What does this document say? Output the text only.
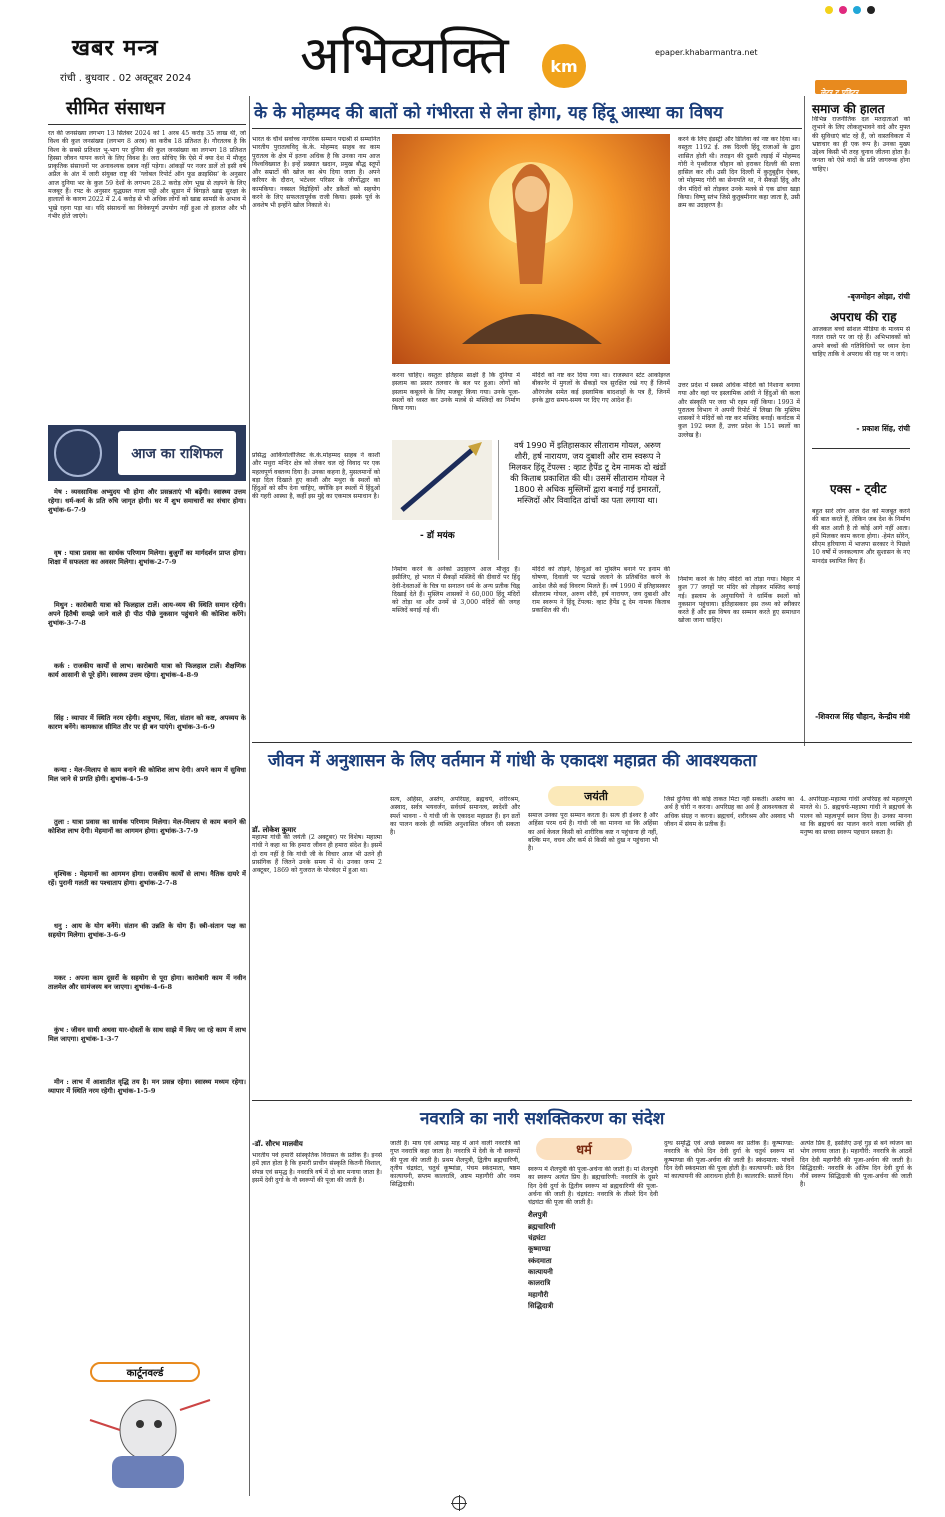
खबर मन्त्र
रांची . बुधवार . 02 अक्टूबर 2024 अभिव्यक्ति	km
epaper.khabarmantra.net
लेटर टू एडिटर
सीमित संसाधन
रत की जनसंख्या लगभग 13 सितंबर 2024 को 1 अरब 45 करोड़ 35 लाख थी, जो विश्व की कुल जनसंख्या (लगभग 8 अरब) का करीब 18 प्रतिशत है। गौरतलब है कि विश्व के सबसे प्रतिशत भू-भाग पर दुनिया की कुल जनसंख्या का लगभग 18 प्रतिशत हिस्सा जीवन यापन करने के लिए विवश है। जरा सोचिए कि ऐसे में क्या देश में मौजूद प्राकृतिक संसाधनों पर अनावश्यक दबाव नहीं पड़ेगा। आंकड़ों पर नजर डालें तो इसी वर्ष अप्रैल के अंत में जारी संयुक्त राष्ट्र की 'ग्लोबल रिपोर्ट ऑन फूड क्राइसिस' के अनुसार आज दुनिया भर के कुल 59 देशों के लगभग 28.2 करोड़ लोग भूख से तड़पने के लिए मजबूर हैं। रपट के अनुसार युद्धग्रस्त गाजा पट्टी और सूडान में बिगड़ते खाद्य सुरक्षा के हालातों के कारण 2022 में 2.4 करोड़ से भी अधिक लोगों को खाद्य सामग्री के अभाव में भूखे रहना पड़ा था। यदि संसाधनों का विवेकपूर्ण उपयोग नहीं हुआ तो हालात और भी गंभीर होते जाएंगे।
आज का राशिफल

मेष : व्यवसायिक अभ्युदय भी होगा और प्रसन्नताएं भी बढ़ेंगी। स्वास्थ्य उत्तम रहेगा। धर्म-कर्म के प्रति रुचि जागृत होगी। घर में शुभ समाचारों का संचार होगा। शुभांक-6-7-9

वृष : यात्रा प्रवास का सार्थक परिणाम मिलेगा। बुजुर्गों का मार्गदर्शन प्राप्त होगा। शिक्षा में सफलता का अवसर मिलेगा। शुभांक-2-7-9

मिथुन : कारोबारी यात्रा को फिलहाल टालें। आय-व्यय की स्थिति समान रहेगी। अपने हितैषी समझे जाने वाले ही पीठ पीछे नुकसान पहुंचाने की कोशिश करेंगे। शुभांक-3-7-8

कर्क : राजकीय कार्यों से लाभ। कारोबारी यात्रा को फिलहाल टालें। शैक्षणिक कार्य आसानी से पूरे होंगे। स्वास्थ्य उत्तम रहेगा। शुभांक-4-8-9

सिंह : व्यापार में स्थिति नरम रहेगी। शत्रुभय, चिंता, संतान को कष्ट, अपव्यय के कारण बनेंगे। कामकाज सीमित तौर पर ही बन पाएंगे। शुभांक-3-6-9

कन्या : मेल-मिलाप से काम बनाने की कोशिश लाभ देगी। अपने काम में सुविधा मिल जाने से प्रगति होगी। शुभांक-4-5-9

तुला : यात्रा प्रवास का सार्थक परिणाम मिलेगा। मेल-मिलाप से काम बनाने की कोशिश लाभ देगी। मेहमानों का आगमन होगा। शुभांक-3-7-9

वृश्चिक : मेहमानों का आगमन होगा। राजकीय कार्यों से लाभ। नैतिक दायरे में रहें। पुरानी गलती का पश्चाताप होगा। शुभांक-2-7-8

धनु : आय के योग बनेंगे। संतान की उन्नति के योग हैं। स्त्री-संतान पक्ष का सहयोग मिलेगा। शुभांक-3-6-9

मकर : अपना काम दूसरों के सहयोग से पूरा होगा। कारोबारी काम में नवीन तालमेल और सामंजस्य बन जाएगा। शुभांक-4-6-8

कुंभ : जीवन साथी अथवा यार-दोस्तों के साथ साझे में किए जा रहे काम में लाभ मिल जाएगा। शुभांक-1-3-7

मीन : लाभ में आशातीत वृद्धि तय है। मन प्रसन्न रहेगा। स्वास्थ्य मध्यम रहेगा। व्यापार में स्थिति नरम रहेगी। शुभांक-1-5-9

कार्टूनवर्ल्ड
के के मोहम्मद की बातों को गंभीरता से लेना होगा, यह हिंदू आस्था का विषय
भारत के चौथे सर्वोच्च नागरिक सम्मान पद्मश्री से सम्मानित भारतीय पुरातत्वविद् के.के. मोहम्मद साहब का काम पुरातत्व के क्षेत्र में इतना अधिक है कि उनका नाम आज विश्वविख्यात है। इन्हें प्रख्यात खदान, प्रमुख बौद्ध स्तूपों और सम्राटों की खोज का श्रेय दिया जाता है। अपने करियर के दौरान, भटेश्वर परिसर के जीर्णोद्धार का कामकिया। नक्सल विद्रोहियों और डकैतों को सहयोग करने के लिए सफलतापूर्वक राजी किया। इसके पूर्व के अवशेष भी इन्होंने खोज निकाले थे।
प्रसिद्ध आर्कियोलॉजिस्ट के.के.मोहम्मद साहब ने काशी और मथुरा मन्दिर क्षेत्र को लेकर चल रहे विवाद पर एक महत्वपूर्ण वक्तव्य दिया है। उनका कहना है, मुसलमानों को बड़ा दिल दिखाते हुए काशी और मथुरा के स्थलों को हिंदुओं को सौंप देना चाहिए, क्योंकि इन स्थलों में हिंदुओं की गहरी आस्था है, कहीं इस मुद्दे का एकमात्र समाधान है।
करना चाहिए। वस्तुतः इतिहास साक्षी है कि दुनिया में इस्लाम का प्रसार तलवार के बल पर हुआ। लोगों को इस्लाम कबूलने के लिए मजबूर किया गया। उनके पूजा-स्थलों को ध्वस्त कर उनके मलबे से मस्जिदों का निर्माण किया गया।
मंदिरों को नष्ट कर दिया गया था। राजस्थान स्टेट आर्काइव्ज बीकानेर में मुगलों के सैकड़ों पत्र सुरक्षित रखे गए हैं जिनमें औरंगजेब समेत कई इस्लामिक बादशाहों के पत्र हैं, जिनमें इनके द्वारा समय-समय पर दिए गए आदेश हैं।
- डॉ मयंक
वर्ष 1990 में इतिहासकार सीताराम गोयल, अरुण शौरी, हर्ष नारायण, जय दुबाशी और राम स्वरूप ने मिलकर हिंदू टेंपल्स : व्हाट हैपेंड टू देम नामक दो खंडों की किताब प्रकाशित की थी। उसमें सीताराम गोयल ने 1800 से अधिक मुस्लिमों द्वारा बनाई गई इमारतों, मस्जिदों और विवादित ढांचों का पता लगाया था।
निर्माण करने के अनेकों उदाहरण आज मौजूद हैं। इसीलिए, हो भारत में सैकड़ों मस्जिदें की दीवारों पर हिंदू देवी-देवताओं के चित्र या सनातन धर्म के अन्य प्रतीक चिह्न दिखाई देते हैं। मुस्लिम शासकों ने 60,000 हिंदू मंदिरों को तोड़ा था और उनमें से 3,000 मंदिरों की जगह मस्जिदें बनाई गई थीं।
मंदिरों को तोड़ने, हिन्दुओं को मुस्लिम बनाने पर इनाम की घोषणा, दिवाली पर पटाखे जलाने के प्रतिबंधित करने के आदेश जैसे कई विवरण मिलते हैं। वर्ष 1990 में इतिहासकार सीताराम गोयल, अरुण शौरी, हर्ष नारायण, जय दुबाशी और राम स्वरूप ने हिंदू टेंपल्स: व्हाट हैपेंड टू देम नामक किताब प्रकाशित की थी।
करने के लिए इंडस्ट्री और डिलिवा को नष्ट कर दिया था। वस्तुतः 1192 ई. तक दिल्ली हिंदू राजाओं के द्वारा शासित होती थी। तराइन की दूसरी लड़ाई में मोहम्मद गोरी ने पृथ्वीराज चौहान को हराकर दिल्ली की सत्ता हासिल कर ली। उसी दिन दिल्ली में कुतुबुद्दीन ऐबक, जो मोहम्मद गोरी का सेनापति था, ने सैकड़ों हिंदू और जैन मंदिरों को तोड़कर उनके मलबे से एक ढांचा खड़ा किया। विष्णु स्तंभ जिसे कुतुबमीनार कहा जाता है, उसी क्रम का उदाहरण है।
उत्तर प्रदेश में सबसे अधिक मंदिरों को निशाना बनाया गया और वहां पर इस्लामिक आंधी ने हिंदुओं की कला और संस्कृति पर जरा भी रहम नहीं किया। 1993 में पुरातत्व विभाग ने अपनी रिपोर्ट में लिखा कि मुस्लिम शासकों ने मंदिरों को नष्ट कर मस्जिद बनाईं। कर्नाटक में कुल 192 स्थल हैं, उत्तर प्रदेश के 151 स्थलों का उल्लेख है।
निर्माण करने के लिए मंदिरों को तोड़ा गया। बिहार में कुल 77 जगहों पर मंदिर को तोड़कर मस्जिद बनाई गई। इस्लाम के अनुयायियों ने धार्मिक स्थलों को नुकसान पहुंचाया। इतिहासकार इस तथ्य को स्वीकार करते हैं और इस विषय का सम्मान करते हुए समाधान खोजा जाना चाहिए।
समाज की हालत
विभिन्न राजनीतिक दल मतदाताओं को लुभाने के लिए लोकलुभावने वादे और मुफ्त की सुविधाएं बांट रहे हैं, जो वास्तविकता में भ्रष्टाचार का ही एक रूप है। उनका मुख्य उद्देश्य किसी भी तरह चुनाव जीतना होता है। जनता को ऐसे वादों के प्रति जागरूक होना चाहिए।
-बृजमोहन ओझा, रांची
अपराध की राह
आजकल बच्चे सोशल मीडिया के माध्यम से गलत रास्ते पर जा रहे हैं। अभिभावकों को अपने बच्चों की गतिविधियों पर ध्यान देना चाहिए ताकि वे अपराध की राह पर न जाएं।
- प्रकाश सिंह, रांची
एक्स - ट्वीट
बहुत सारे लोग आज देश को मजबूत करने की बात करते हैं, लेकिन जब देश के निर्माण की बात आती है तो कोई आगे नहीं आता। हमें मिलकर काम करना होगा। -हेमंत सोरेन, सीएम हरियाणा में भाजपा सरकार ने पिछले 10 वर्षों में जनकल्याण और सुशासन के नए मानदंड स्थापित किए हैं।
-शिवराज सिंह चौहान, केन्द्रीय मंत्री
जीवन में अनुशासन के लिए वर्तमान में गांधी के एकादश महाव्रत की आवश्यकता
जयंती
डॉ. लोकेश कुमार
महात्मा गांधी की जयंती (2 अक्टूबर) पर विशेष। महात्मा गांधी ने कहा था कि हमारा जीवन ही हमारा संदेश है। इसमें दो राय नहीं है कि गांधी जी के विचार आज भी उतने ही प्रासंगिक हैं जितने उनके समय में थे। उनका जन्म 2 अक्टूबर, 1869 को गुजरात के पोरबंदर में हुआ था।
सत्य, अहिंसा, अस्तेय, अपरिग्रह, ब्रह्मचर्य, शरीरश्रम, अस्वाद, सर्वत्र भयवर्जन, सर्वधर्म समानत्व, स्वदेशी और स्पर्श भावना - ये गांधी जी के एकादश महाव्रत हैं। इन व्रतों का पालन करके ही व्यक्ति अनुशासित जीवन जी सकता है।
समाज उनका पूरा सम्मान करता है। सत्य ही ईश्वर है और अहिंसा परम धर्म है। गांधी जी का मानना था कि अहिंसा का अर्थ केवल किसी को शारीरिक कष्ट न पहुंचाना ही नहीं, बल्कि मन, वचन और कर्म से किसी को दुख न पहुंचाना भी है।
जिसे दुनिया की कोई ताकत मिटा नहीं सकती। अस्तेय का अर्थ है चोरी न करना। अपरिग्रह का अर्थ है आवश्यकता से अधिक संग्रह न करना। ब्रह्मचर्य, शरीरश्रम और अस्वाद भी जीवन में संयम के प्रतीक हैं।
4. अपरिग्रहः-महात्मा गांधी अपरिग्रह को महत्वपूर्ण मानते थे। 5. ब्रह्मचर्यः-महात्मा गांधी ने ब्रह्मचर्य के पालन को महत्वपूर्ण स्थान दिया है। उनका मानना था कि ब्रह्मचर्य का पालन करने वाला व्यक्ति ही मनुष्य का सच्चा स्वरूप पहचान सकता है।
नवरात्रि का नारी सशक्तिकरण का संदेश
धर्म
-डॉ. सौरभ मालवीय
भारतीय पर्व हमारी सांस्कृतिक विरासत के प्रतीक हैं। इनसे हमें ज्ञात होता है कि हमारी प्राचीन संस्कृति कितनी विशाल, संपन्न एवं समृद्ध है। नवरात्रि वर्ष में दो बार मनाया जाता है। इसमें देवी दुर्गा के नौ स्वरूपों की पूजा की जाती है।
जाती है। माघ एवं आषाढ़ माह में आने वाली नवरात्रि को गुप्त नवरात्रि कहा जाता है। नवरात्रि में देवी के नौ स्वरूपों की पूजा की जाती है। प्रथम शैलपुत्री, द्वितीय ब्रह्मचारिणी, तृतीय चंद्रघंटा, चतुर्थ कूष्मांडा, पंचम स्कंदमाता, षष्ठम कात्यायनी, सप्तम कालरात्रि, अष्टम महागौरी और नवम सिद्धिदात्री।
स्वरूप में शैलपुत्री की पूजा-अर्चना की जाती है। मां शैलपुत्री का स्वरूप अत्यंत प्रिय है। ब्रह्मचारिणी: नवरात्रि के दूसरे दिन देवी दुर्गा के द्वितीय स्वरूप मां ब्रह्मचारिणी की पूजा-अर्चना की जाती है। चंद्रघंटा: नवरात्रि के तीसरे दिन देवी चंद्रघंटा की पूजा की जाती है।
शैलपुत्री
ब्रह्मचारिणी
चंद्रघंटा
कूष्माण्डा
स्कंदमाता
कात्यायनी
कालरात्रि
महागौरी
सिद्धिदात्री
दुग्ध समृद्धि एवं अच्छे स्वास्थ्य का प्रतीक है। कूष्माण्डा: नवरात्रि के चौथे दिन देवी दुर्गा के चतुर्थ स्वरूप मां कूष्माण्डा की पूजा-अर्चना की जाती है। स्कंदमाता: पांचवें दिन देवी स्कंदमाता की पूजा होती है। कात्यायनी: छठे दिन मां कात्यायनी की आराधना होती है। कालरात्रि: सातवें दिन।
अत्यंत प्रिय है, इसलिए उन्हें गुड़ से बने व्यंजन का भोग लगाया जाता है। महागौरी: नवरात्रि के आठवें दिन देवी महागौरी की पूजा-अर्चना की जाती है। सिद्धिदात्री: नवरात्रि के अंतिम दिन देवी दुर्गा के नौवें स्वरूप सिद्धिदात्री की पूजा-अर्चना की जाती है।
